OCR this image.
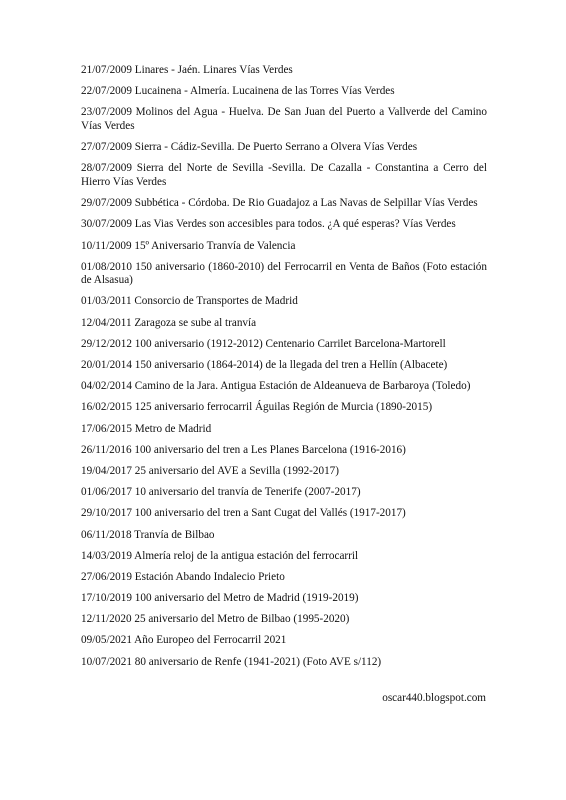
21/07/2009 Linares - Jaén. Linares Vías Verdes
22/07/2009 Lucainena - Almería. Lucainena de las Torres Vías Verdes
23/07/2009 Molinos del Agua - Huelva. De San Juan del Puerto a Vallverde del Camino Vías Verdes
27/07/2009 Sierra - Cádiz-Sevilla. De Puerto Serrano a Olvera Vías Verdes
28/07/2009 Sierra del Norte de Sevilla -Sevilla. De Cazalla - Constantina a Cerro del Hierro Vías Verdes
29/07/2009 Subbética - Córdoba. De Rio Guadajoz a Las Navas de Selpillar Vías Verdes
30/07/2009 Las Vias Verdes son accesibles para todos. ¿A qué esperas? Vías Verdes
10/11/2009 15º Aniversario Tranvía de Valencia
01/08/2010 150 aniversario (1860-2010) del Ferrocarril en Venta de Baños (Foto estación de Alsasua)
01/03/2011 Consorcio de Transportes de Madrid
12/04/2011 Zaragoza se sube al tranvía
29/12/2012 100 aniversario (1912-2012) Centenario Carrilet Barcelona-Martorell
20/01/2014 150 aniversario (1864-2014) de la llegada del tren a Hellín (Albacete)
04/02/2014 Camino de la Jara. Antigua Estación de Aldeanueva de Barbaroya (Toledo)
16/02/2015 125 aniversario ferrocarril Águilas Región de Murcia (1890-2015)
17/06/2015 Metro de Madrid
26/11/2016 100 aniversario del tren a Les Planes Barcelona (1916-2016)
19/04/2017 25 aniversario del AVE a Sevilla (1992-2017)
01/06/2017 10 aniversario del tranvía de Tenerife (2007-2017)
29/10/2017 100 aniversario del tren a Sant Cugat del Vallés (1917-2017)
06/11/2018 Tranvía de Bilbao
14/03/2019 Almería reloj de la antigua estación del ferrocarril
27/06/2019 Estación Abando Indalecio Prieto
17/10/2019 100 aniversario del Metro de Madrid (1919-2019)
12/11/2020 25 aniversario del Metro de Bilbao (1995-2020)
09/05/2021 Año Europeo del Ferrocarril 2021
10/07/2021 80 aniversario de Renfe (1941-2021) (Foto AVE s/112)
oscar440.blogspot.com
